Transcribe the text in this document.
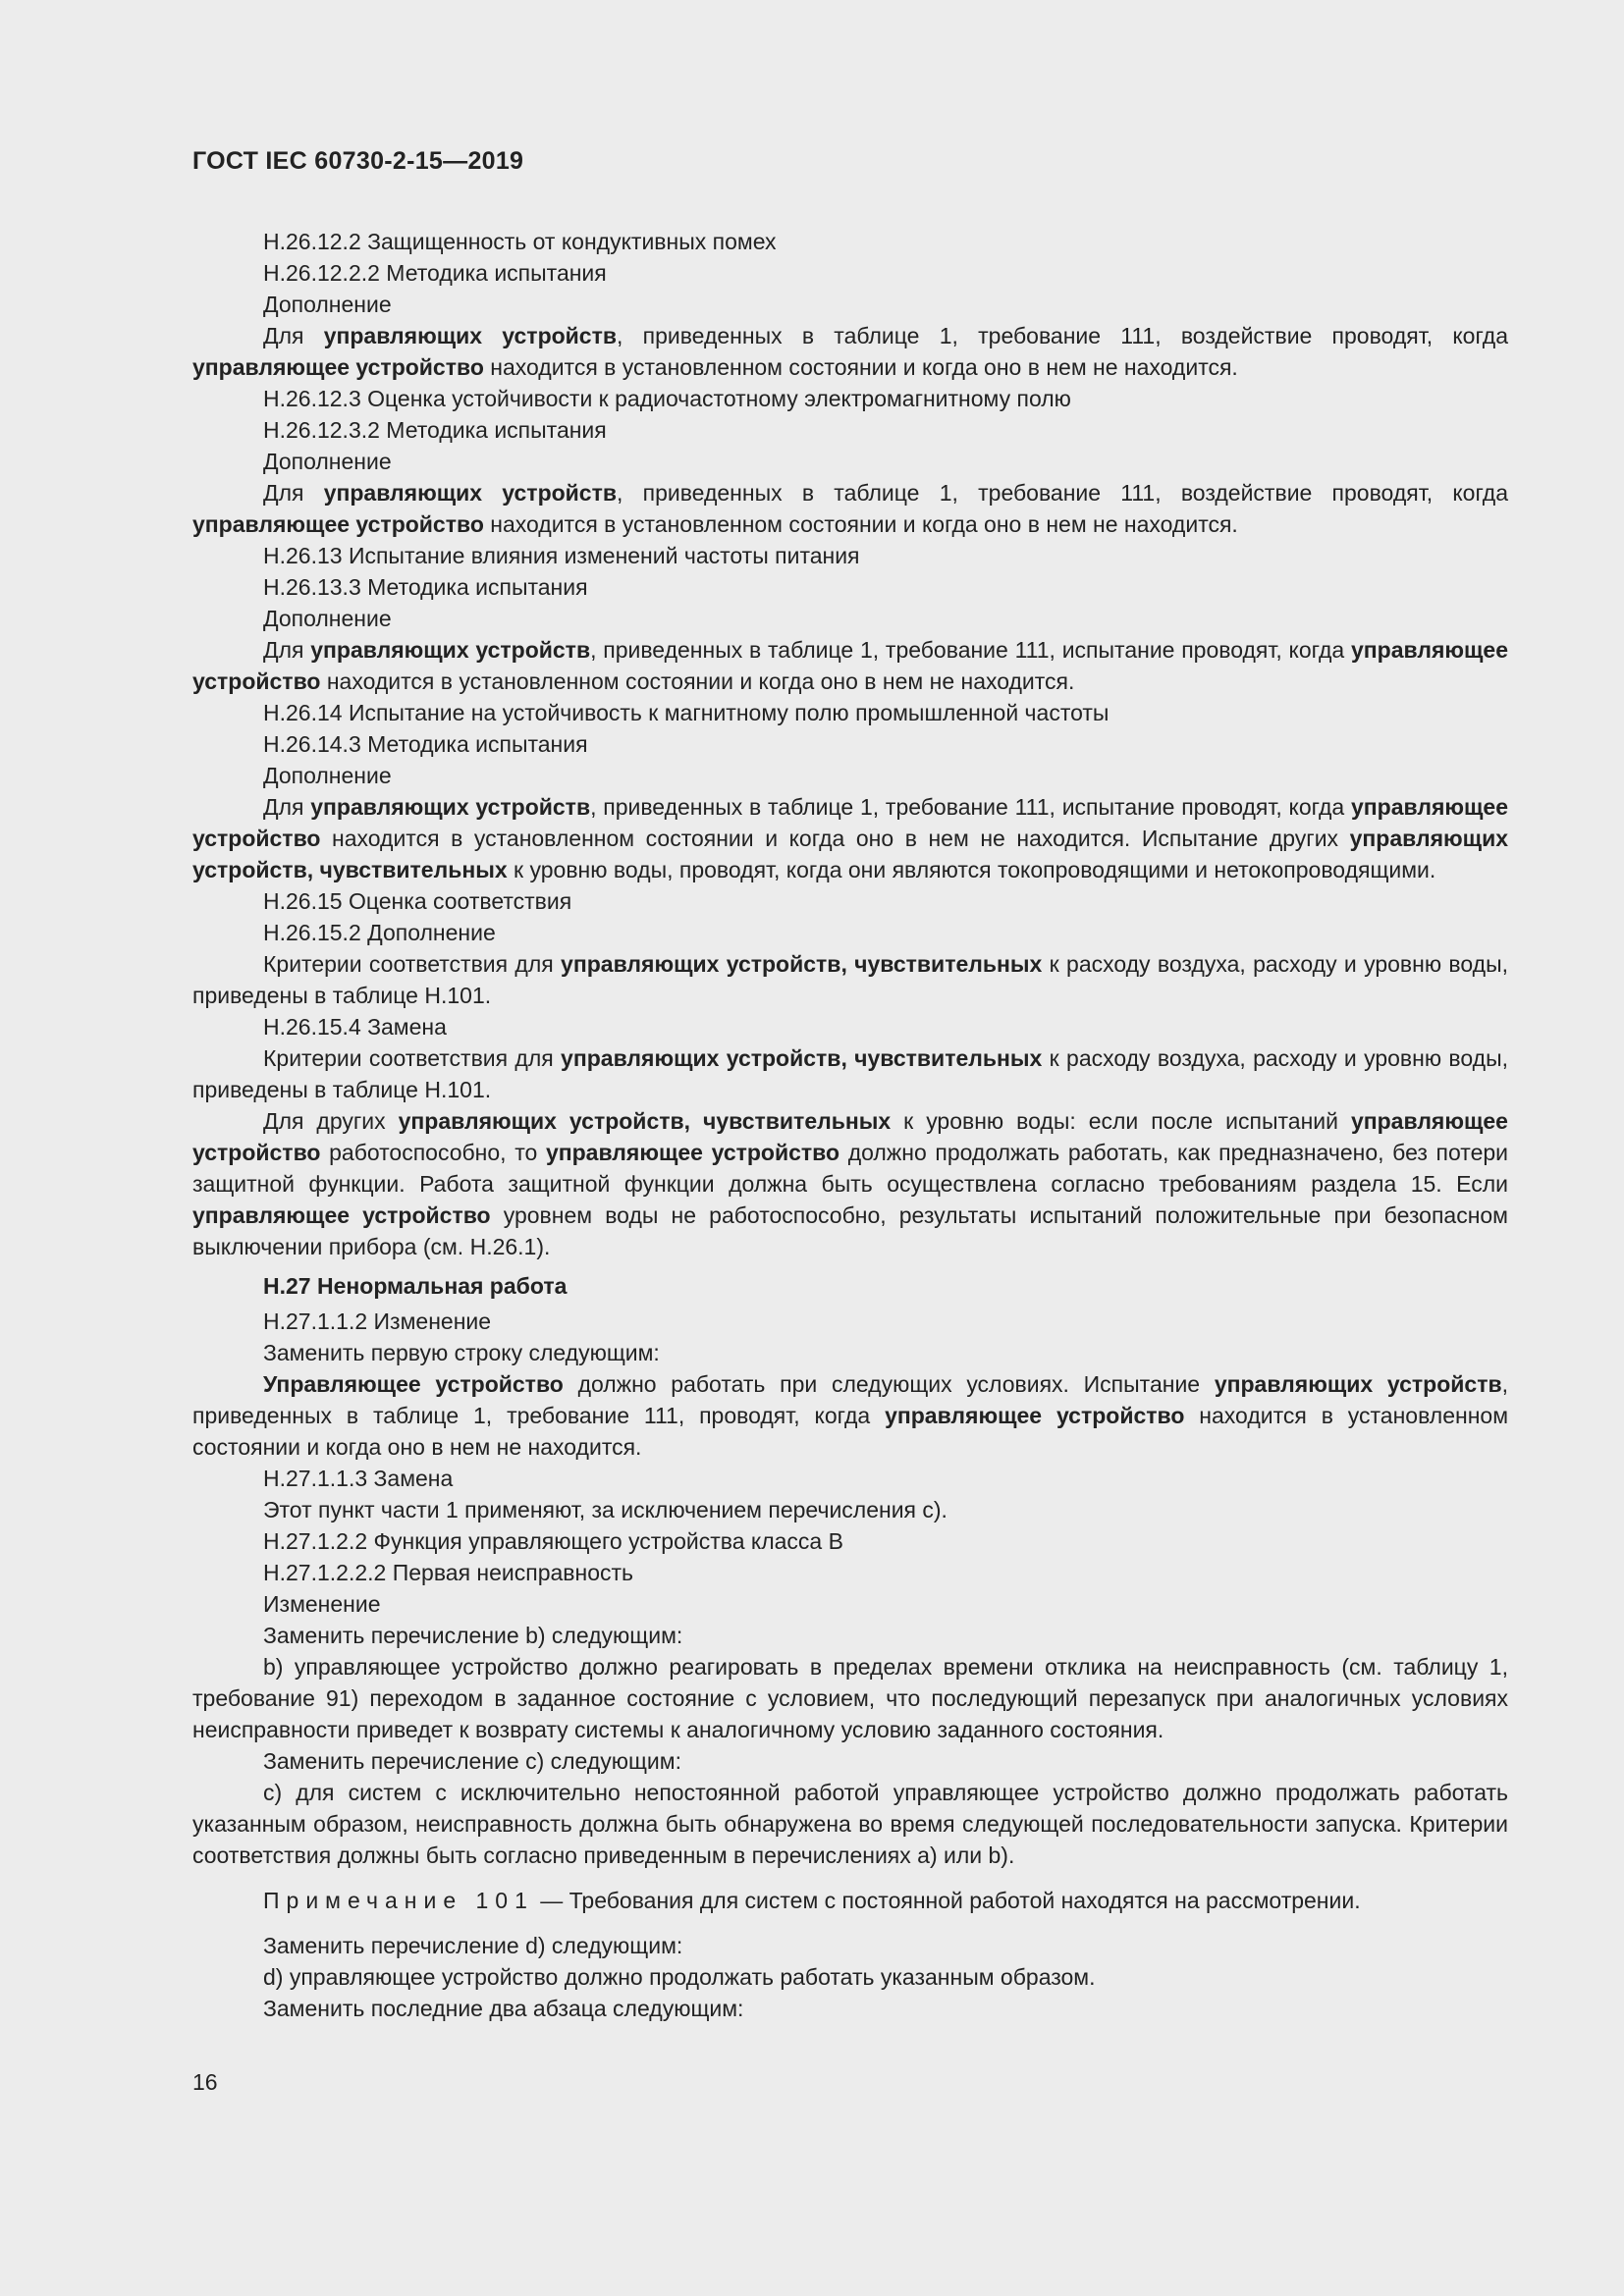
ГОСТ IEC 60730-2-15—2019

Н.26.12.2 Защищенность от кондуктивных помех

Н.26.12.2.2 Методика испытания

Дополнение

Для управляющих устройств, приведенных в таблице 1, требование 111, воздействие проводят, когда управляющее устройство находится в установленном состоянии и когда оно в нем не находится.

Н.26.12.3 Оценка устойчивости к радиочастотному электромагнитному полю

Н.26.12.3.2 Методика испытания

Дополнение

Для управляющих устройств, приведенных в таблице 1, требование 111, воздействие проводят, когда управляющее устройство находится в установленном состоянии и когда оно в нем не находится.

Н.26.13 Испытание влияния изменений частоты питания

Н.26.13.3 Методика испытания

Дополнение

Для управляющих устройств, приведенных в таблице 1, требование 111, испытание проводят, когда управляющее устройство находится в установленном состоянии и когда оно в нем не находится.

Н.26.14 Испытание на устойчивость к магнитному полю промышленной частоты

Н.26.14.3 Методика испытания

Дополнение

Для управляющих устройств, приведенных в таблице 1, требование 111, испытание проводят, когда управляющее устройство находится в установленном состоянии и когда оно в нем не находится. Испытание других управляющих устройств, чувствительных к уровню воды, проводят, когда они являются токопроводящими и нетокопроводящими.

Н.26.15 Оценка соответствия

Н.26.15.2 Дополнение

Критерии соответствия для управляющих устройств, чувствительных к расходу воздуха, расходу и уровню воды, приведены в таблице Н.101.

Н.26.15.4 Замена

Критерии соответствия для управляющих устройств, чувствительных к расходу воздуха, расходу и уровню воды, приведены в таблице Н.101.

Для других управляющих устройств, чувствительных к уровню воды: если после испытаний управляющее устройство работоспособно, то управляющее устройство должно продолжать работать, как предназначено, без потери защитной функции. Работа защитной функции должна быть осуществлена согласно требованиям раздела 15. Если управляющее устройство уровнем воды не работоспособно, результаты испытаний положительные при безопасном выключении прибора (см. Н.26.1).

Н.27 Ненормальная работа

Н.27.1.1.2 Изменение

Заменить первую строку следующим:

Управляющее устройство должно работать при следующих условиях. Испытание управляющих устройств, приведенных в таблице 1, требование 111, проводят, когда управляющее устройство находится в установленном состоянии и когда оно в нем не находится.

Н.27.1.1.3 Замена

Этот пункт части 1 применяют, за исключением перечисления с).

Н.27.1.2.2 Функция управляющего устройства класса В

Н.27.1.2.2.2 Первая неисправность

Изменение

Заменить перечисление b) следующим:

b) управляющее устройство должно реагировать в пределах времени отклика на неисправность (см. таблицу 1, требование 91) переходом в заданное состояние с условием, что последующий перезапуск при аналогичных условиях неисправности приведет к возврату системы к аналогичному условию заданного состояния.

Заменить перечисление с) следующим:

с) для систем с исключительно непостоянной работой управляющее устройство должно продолжать работать указанным образом, неисправность должна быть обнаружена во время следующей последовательности запуска. Критерии соответствия должны быть согласно приведенным в перечислениях а) или b).

Примечание 101 — Требования для систем с постоянной работой находятся на рассмотрении.

Заменить перечисление d) следующим:

d) управляющее устройство должно продолжать работать указанным образом.

Заменить последние два абзаца следующим:

16
